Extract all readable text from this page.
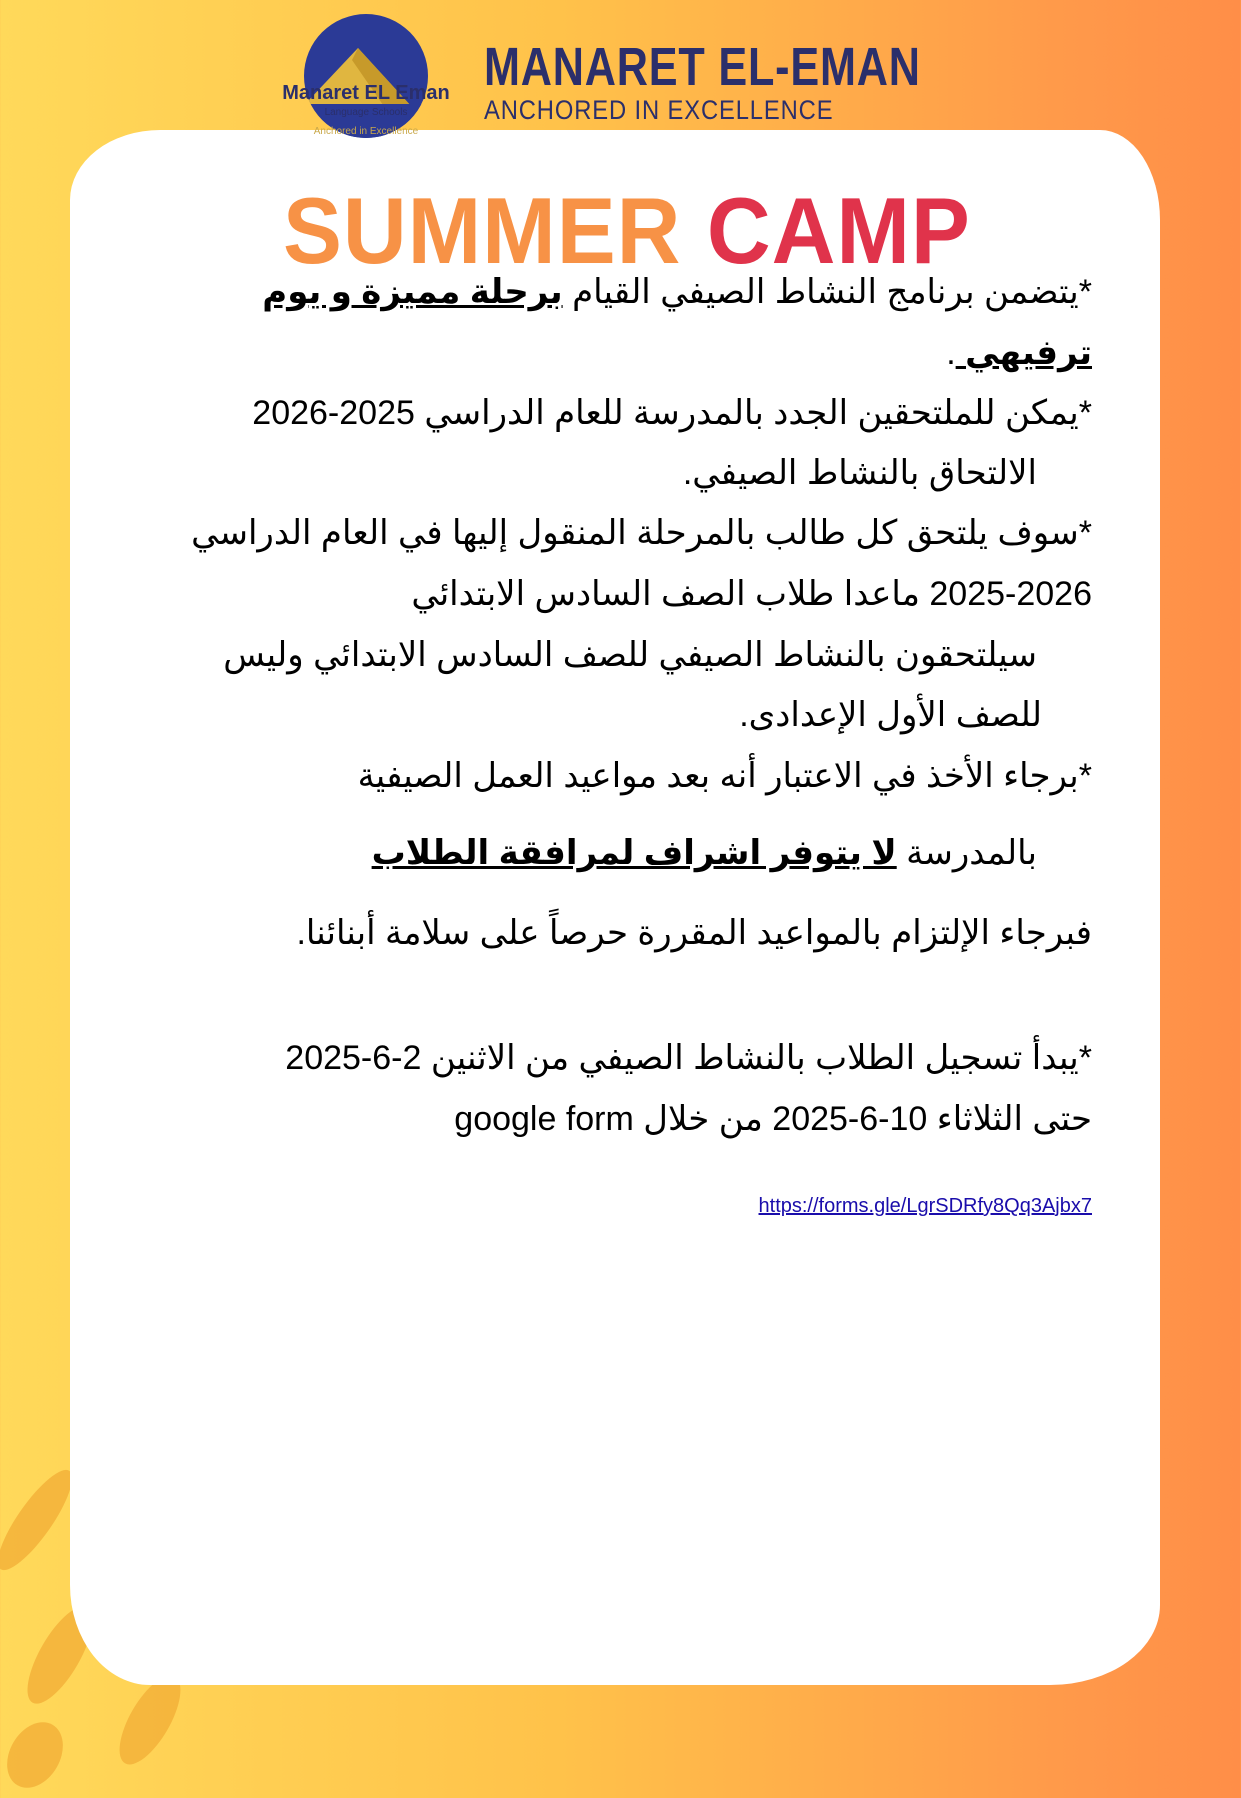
Manaret EL Eman
Language Schools
Anchored in Excellence
MANARET EL-EMAN
ANCHORED IN EXCELLENCE
SUMMER CAMP
*يتضمن برنامج النشاط الصيفي القيام برحلة مميزة و يوم
ترفيهي .
*يمكن للملتحقين الجدد بالمدرسة للعام الدراسي 2025-2026
الالتحاق بالنشاط الصيفي.
*سوف يلتحق كل طالب بالمرحلة المنقول إليها في العام الدراسي
2025-2026 ماعدا طلاب الصف السادس الابتدائي
سيلتحقون بالنشاط الصيفي للصف السادس الابتدائي وليس
للصف الأول الإعدادى.
*برجاء الأخذ في الاعتبار أنه بعد مواعيد العمل الصيفية
بالمدرسة لا يتوفر اشراف لمرافقة الطلاب
فبرجاء الإلتزام بالمواعيد المقررة حرصاً على سلامة أبنائنا.
*يبدأ تسجيل الطلاب بالنشاط الصيفي من الاثنين 2-6-2025
حتى الثلاثاء 10-6-2025 من خلال google form
https://forms.gle/LgrSDRfy8Qq3Ajbx7
